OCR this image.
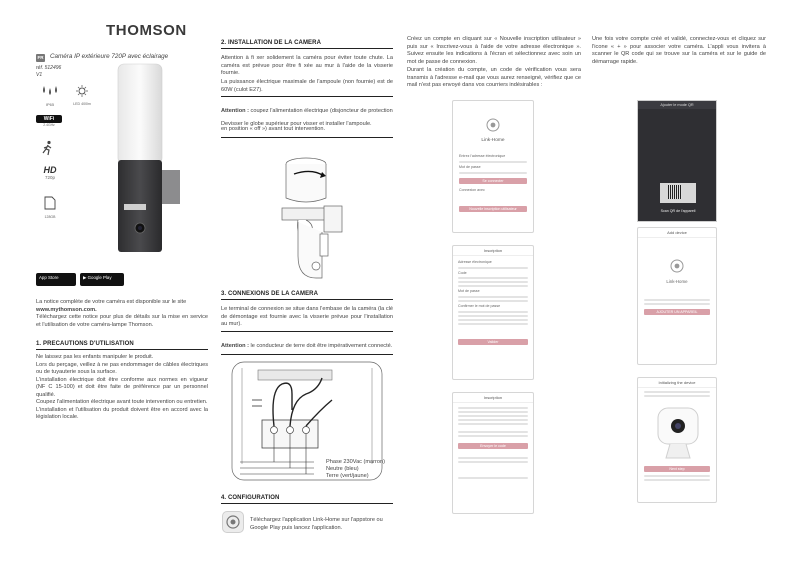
THOMSON
FR Caméra IP extérieure 720P avec éclairage
réf. 512496
V1
IP65	LED 400lm
WiFi
2.4GHz
HD
720p
128GB
App Store	▶ Google Play
La notice complète de votre caméra est disponible sur le site
www.mythomson.com.
Téléchargez cette notice pour plus de détails sur la mise en service et l'utilisation de votre caméra-lampe Thomson.
1. PRECAUTIONS D'UTILISATION
Ne laissez pas les enfants manipuler le produit.
Lors du perçage, veillez à ne pas endommager de câbles électriques ou de tuyauterie sous la surface.
L'installation électrique doit être conforme aux normes en vigueur (NF C 15-100) et doit être faite de préférence par un personnel qualifié.
Coupez l'alimentation électrique avant toute intervention ou entretien.
L'installation et l'utilisation du produit doivent être en accord avec la législation locale.
2. INSTALLATION DE LA CAMERA
Attention à fi xer solidement la caméra pour éviter toute chute. La caméra est prévue pour être fi xée au mur à l'aide de la visserie fournie.
La puissance électrique maximale de l'ampoule (non fournie) est de 60W (culot E27).
Attention : coupez l'alimentation électrique (disjoncteur de protection en position « off ») avant tout intervention.
Devisser le globe supérieur pour visser et installer l'ampoule.
3. CONNEXIONS DE LA CAMERA
Le terminal de connexion se situe dans l'embase de la caméra (la clé de démontage est fournie avec la visserie prévue pour l'installation au mur).
Attention : le conducteur de terre doit être impérativement connecté.
Phase 230Vac (marron)
Neutre (bleu)
Terre (vert/jaune)
4. CONFIGURATION
Téléchargez l'application Link-Home sur l'appstore ou Google Play puis lancez l'application.
Créez un compte en cliquant sur « Nouvelle inscription utilisateur » puis sur « Inscrivez-vous à l'aide de votre adresse électronique ». Suivez ensuite les indications à l'écran et sélectionnez avec soin un mot de passe de connexion.
Durant la création du compte, un code de vérification vous sera transmis à l'adresse e-mail que vous aurez renseigné, vérifiez que ce mail n'est pas envoyé dans vos courriers indésirables :
Link-Home
Entrez l'adresse électronique
Mot de passe
Se connecter
Connexion avec
Nouvelle inscription utilisateur
Inscription
Adresse électronique
Code
Mot de passe
Confirmer le mot de passe
Valider
Inscription
Envoyer le code
Une fois votre compte créé et validé, connectez-vous et cliquez sur l'icone « + » pour associer votre caméra. L'appli vous invitera à scanner le QR code qui se trouve sur la caméra et sur le guide de démarrage rapide.
Ajouter le mode QR
Scan QR de l'appareil
Add device
Link-Home
AJOUTER UN APPAREIL
Initializing the device
Next step
